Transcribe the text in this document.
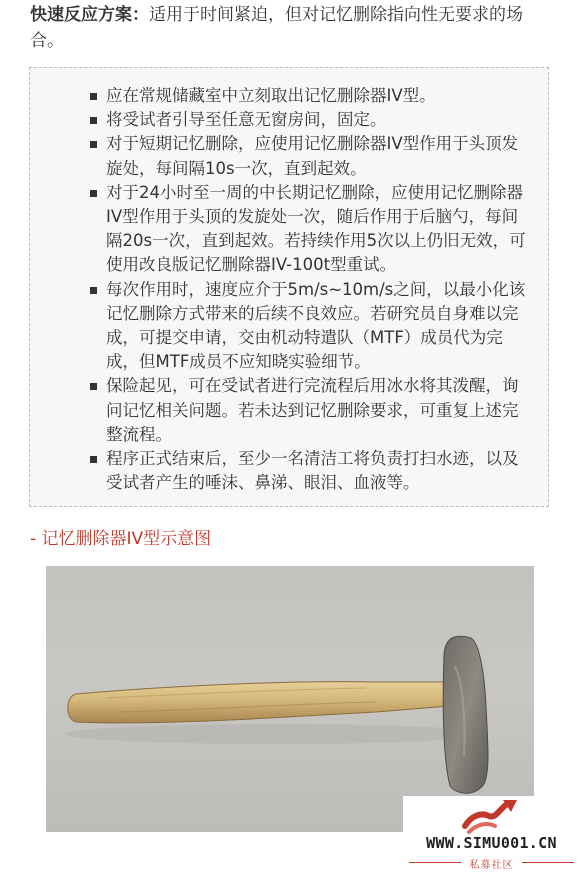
快速反应方案：适用于时间紧迫，但对记忆删除指向性无要求的场合。
应在常规储藏室中立刻取出记忆删除器IV型。
将受试者引导至任意无窗房间，固定。
对于短期记忆删除，应使用记忆删除器IV型作用于头顶发旋处，每间隔10s一次，直到起效。
对于24小时至一周的中长期记忆删除，应使用记忆删除器IV型作用于头顶的发旋处一次，随后作用于后脑勺，每间隔20s一次，直到起效。若持续作用5次以上仍旧无效，可使用改良版记忆删除器IV-100t型重试。
每次作用时，速度应介于5m/s~10m/s之间，以最小化该记忆删除方式带来的后续不良效应。若研究员自身难以完成，可提交申请，交由机动特遣队（MTF）成员代为完成，但MTF成员不应知晓实验细节。
保险起见，可在受试者进行完流程后用冰水将其泼醒，询问记忆相关问题。若未达到记忆删除要求，可重复上述完整流程。
程序正式结束后，至少一名清洁工将负责打扫水迹，以及受试者产生的唾沫、鼻涕、眼泪、血液等。
- 记忆删除器IV型示意图
WWW.SIMU001.CN
私募社区
